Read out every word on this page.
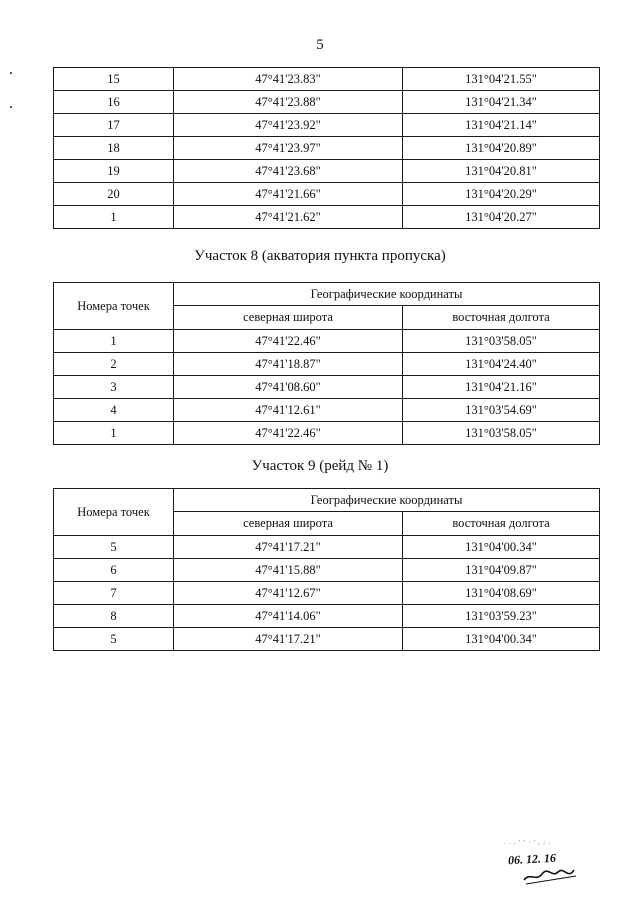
5
15	47°41'23.83"	131°04'21.55"
16	47°41'23.88"	131°04'21.34"
17	47°41'23.92"	131°04'21.14"
18	47°41'23.97"	131°04'20.89"
19	47°41'23.68"	131°04'20.81"
20	47°41'21.66"	131°04'20.29"
1	47°41'21.62"	131°04'20.27"
Участок 8 (акватория пункта пропуска)
Номера точек	Географические координаты	
	северная широта	восточная долгота
1	47°41'22.46"	131°03'58.05"
2	47°41'18.87"	131°04'24.40"
3	47°41'08.60"	131°04'21.16"
4	47°41'12.61"	131°03'54.69"
1	47°41'22.46"	131°03'58.05"
Участок 9 (рейд № 1)
Номера точек	Географические координаты	
	северная широта	восточная долгота
5	47°41'17.21"	131°04'00.34"
6	47°41'15.88"	131°04'09.87"
7	47°41'12.67"	131°04'08.69"
8	47°41'14.06"	131°03'59.23"
5	47°41'17.21"	131°04'00.34"
. . . ' ' · ' , ; .
06. 12. 16
